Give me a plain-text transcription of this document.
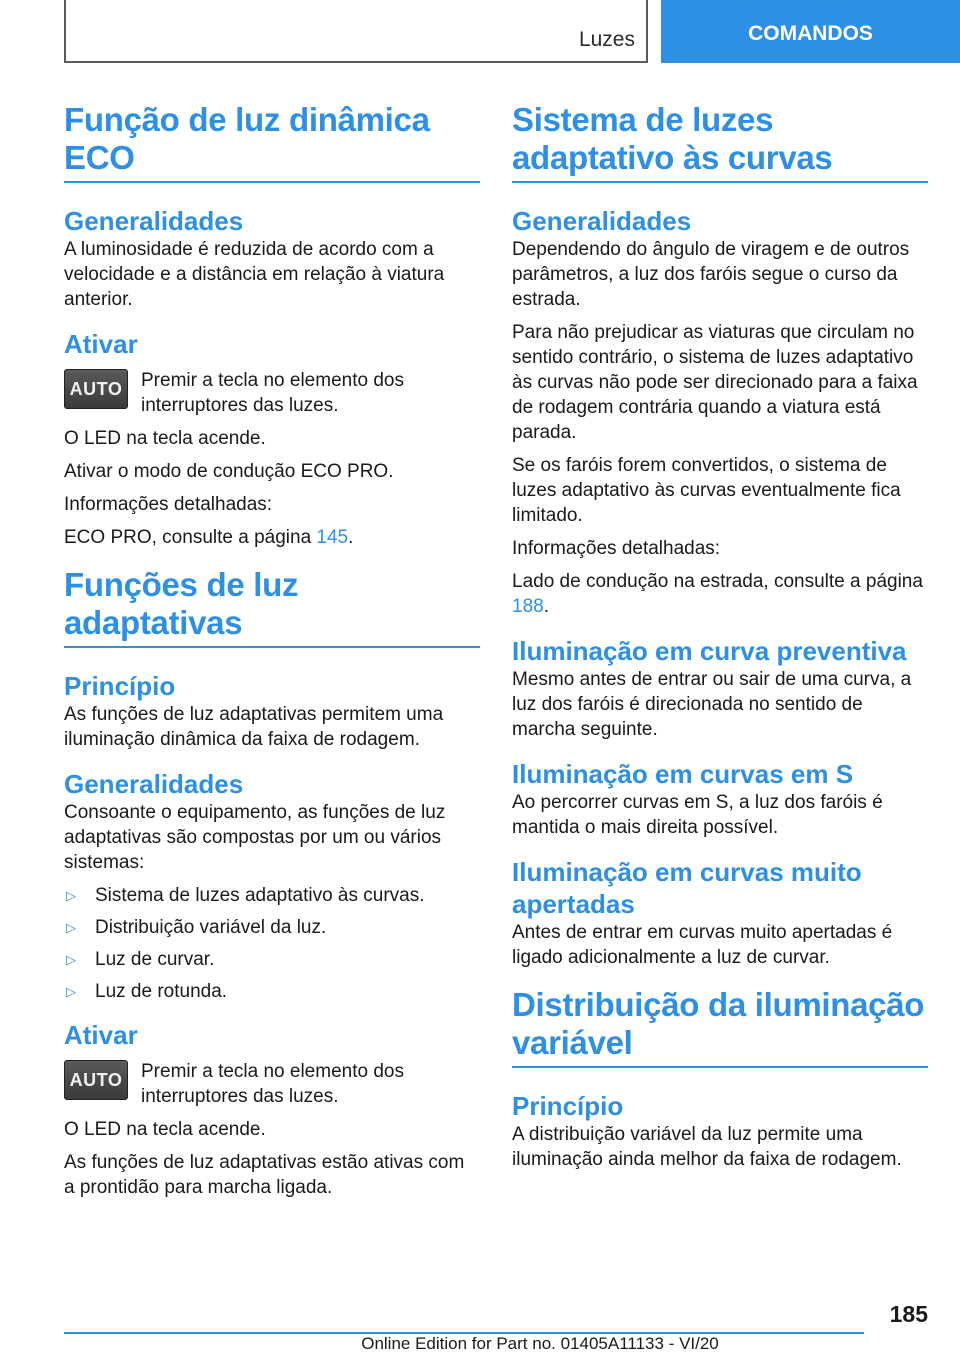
Luzes	COMANDOS
Função de luz dinâmica ECO
Generalidades

A luminosidade é reduzida de acordo com a velocidade e a distância em relação à viatura anterior.

Ativar
AUTO Premir a tecla no elemento dos interruptores das luzes.

O LED na tecla acende.

Ativar o modo de condução ECO PRO.

Informações detalhadas:

ECO PRO, consulte a página 145.

Funções de luz adaptativas
Princípio

As funções de luz adaptativas permitem uma iluminação dinâmica da faixa de rodagem.

Generalidades

Consoante o equipamento, as funções de luz adaptativas são compostas por um ou vários sistemas:

▷	Sistema de luzes adaptativo às curvas.
▷	Distribuição variável da luz.
▷	Luz de curvar.
▷	Luz de rotunda.
Ativar
AUTO Premir a tecla no elemento dos interruptores das luzes.

O LED na tecla acende.

As funções de luz adaptativas estão ativas com a prontidão para marcha ligada.

Sistema de luzes adaptativo às curvas
Generalidades

Dependendo do ângulo de viragem e de outros parâmetros, a luz dos faróis segue o curso da estrada.

Para não prejudicar as viaturas que circulam no sentido contrário, o sistema de luzes adaptativo às curvas não pode ser direcionado para a faixa de rodagem contrária quando a viatura está parada.

Se os faróis forem convertidos, o sistema de luzes adaptativo às curvas eventualmente fica limitado.

Informações detalhadas:

Lado de condução na estrada, consulte a página 188.

Iluminação em curva preventiva

Mesmo antes de entrar ou sair de uma curva, a luz dos faróis é direcionada no sentido de marcha seguinte.

Iluminação em curvas em S

Ao percorrer curvas em S, a luz dos faróis é mantida o mais direita possível.

Iluminação em curvas muito apertadas

Antes de entrar em curvas muito apertadas é ligado adicionalmente a luz de curvar.

Distribuição da iluminação variável
Princípio

A distribuição variável da luz permite uma iluminação ainda melhor da faixa de rodagem.

185
Online Edition for Part no. 01405A11133 - VI/20
